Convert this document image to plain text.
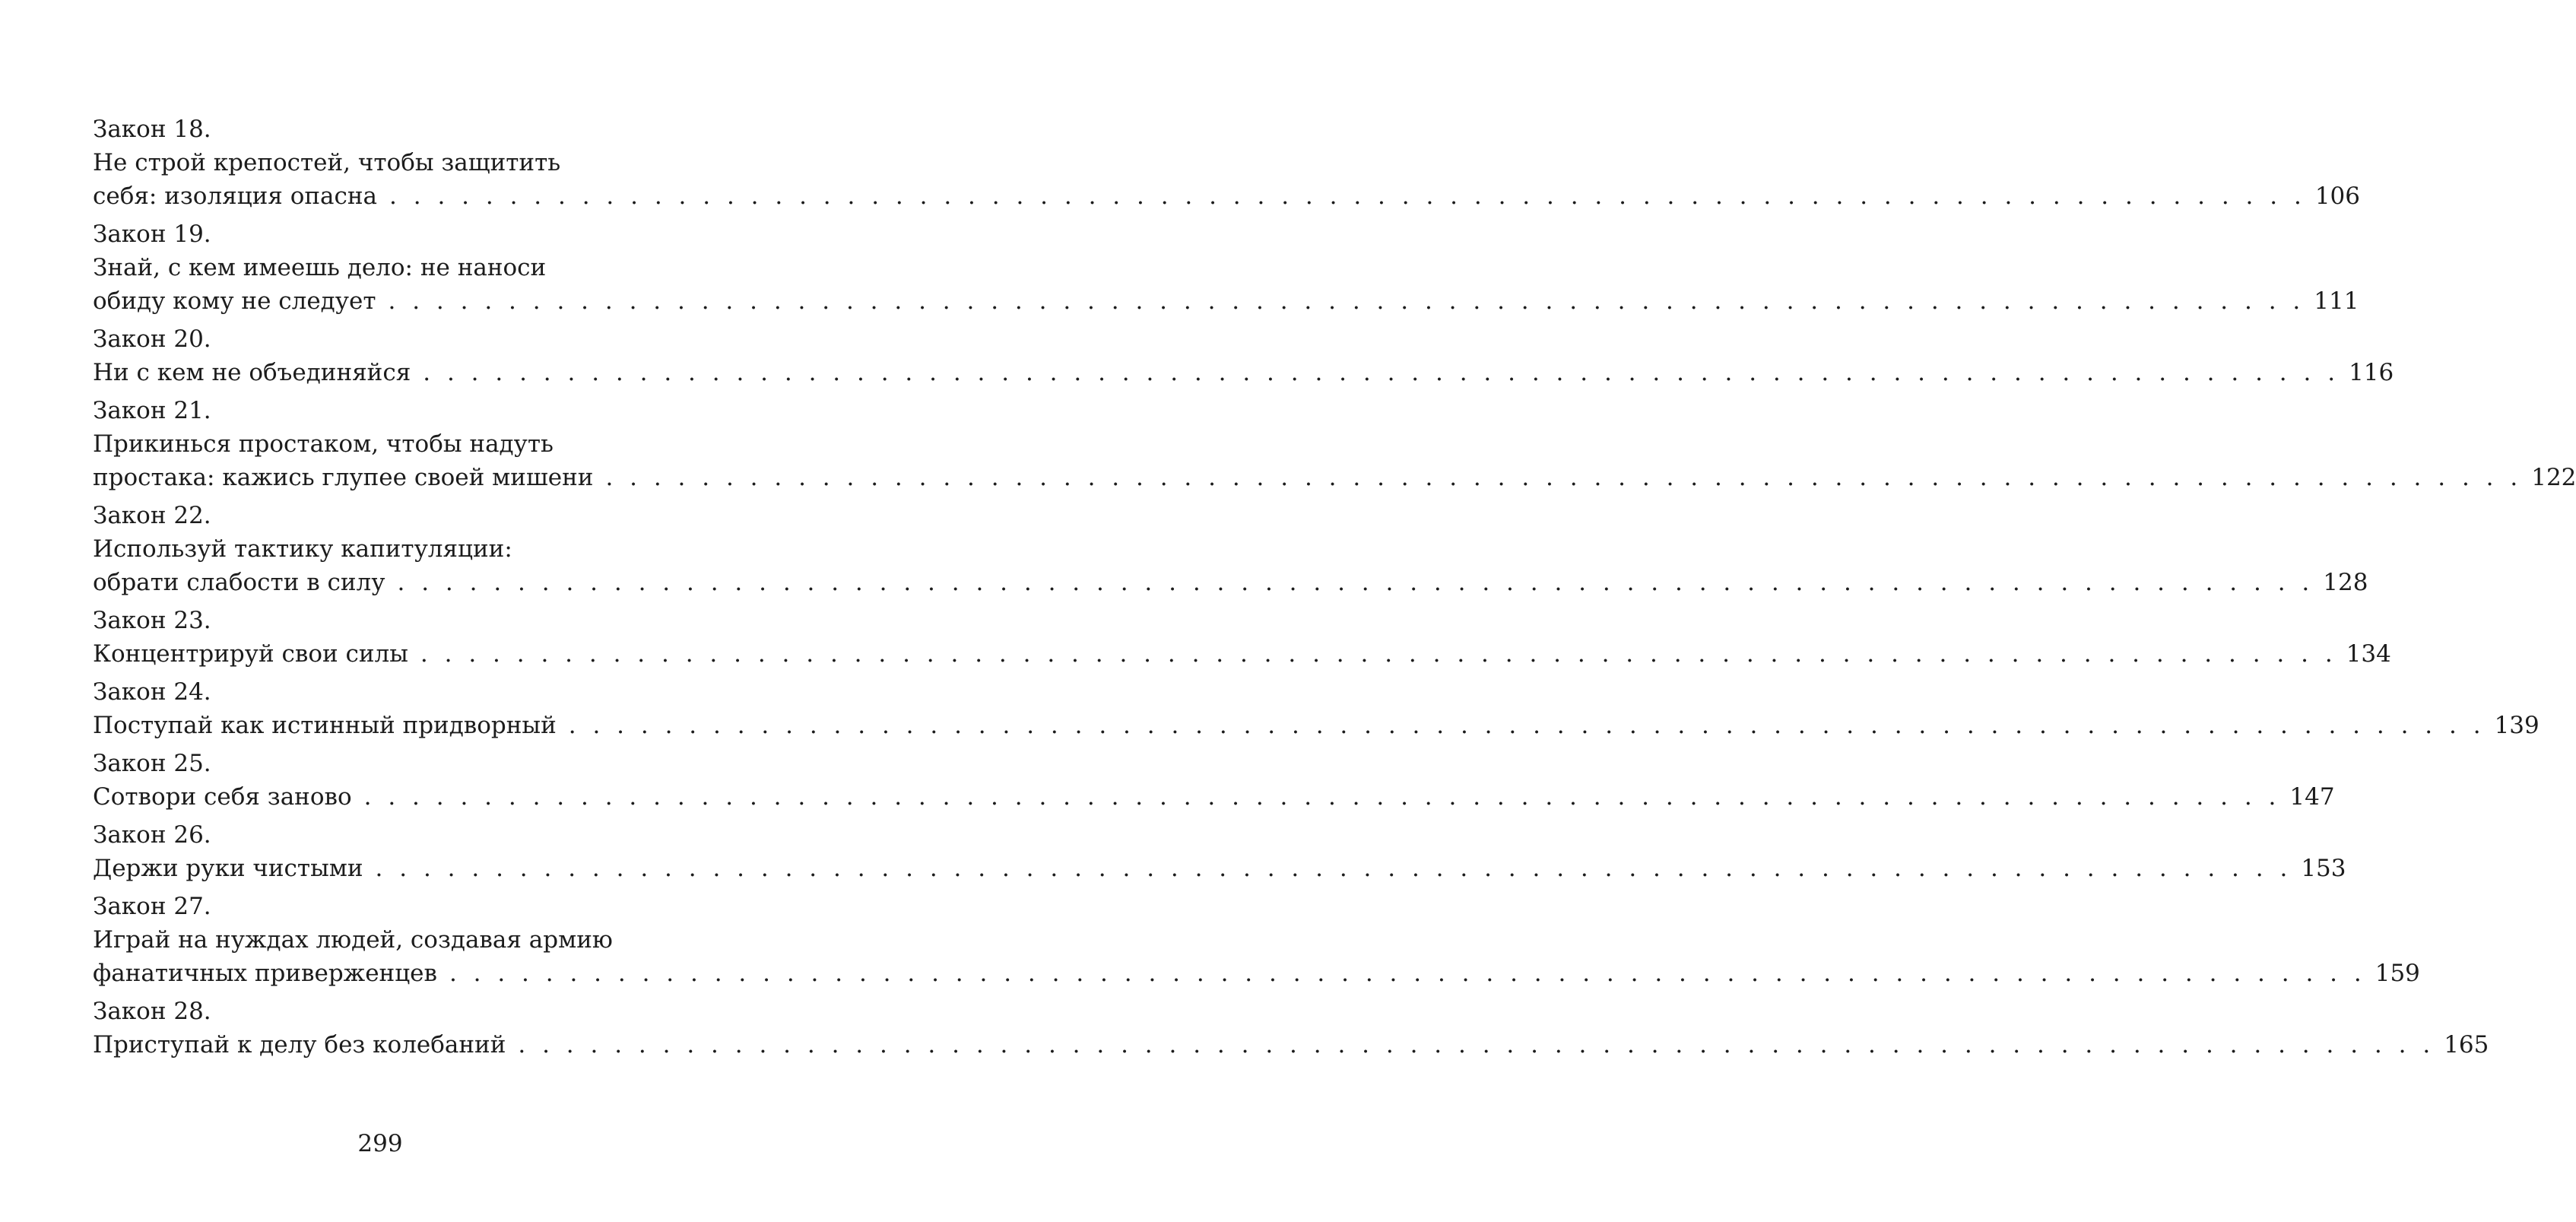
Закон 18.
Не строй крепостей, чтобы защитить
себя: изоляция опасна . . . . . . . . . . . . . . . . . . . . . . . . . . . . . . . . . . . . . . . . . . . . . . . . . . . . . . . . . . . . . . . . . . . . . . . . . . . . . . . . 106
Закон 19.
Знай, с кем имеешь дело: не наноси
обиду кому не следует . . . . . . . . . . . . . . . . . . . . . . . . . . . . . . . . . . . . . . . . . . . . . . . . . . . . . . . . . . . . . . . . . . . . . . . . . . . . . . . . 111
Закон 20.
Ни с кем не объединяйся . . . . . . . . . . . . . . . . . . . . . . . . . . . . . . . . . . . . . . . . . . . . . . . . . . . . . . . . . . . . . . . . . . . . . . . . . . . . . . . . 116
Закон 21.
Прикинься простаком, чтобы надуть
простака: кажись глупее своей мишени . . . . . . . . . . . . . . . . . . . . . . . . . . . . . . . . . . . . . . . . . . . . . . . . . . . . . . . . . . . . . . . . . . . . . . . . . . . . . . . . 122
Закон 22.
Используй тактику капитуляции:
обрати слабости в силу . . . . . . . . . . . . . . . . . . . . . . . . . . . . . . . . . . . . . . . . . . . . . . . . . . . . . . . . . . . . . . . . . . . . . . . . . . . . . . . . 128
Закон 23.
Концентрируй свои силы . . . . . . . . . . . . . . . . . . . . . . . . . . . . . . . . . . . . . . . . . . . . . . . . . . . . . . . . . . . . . . . . . . . . . . . . . . . . . . . . 134
Закон 24.
Поступай как истинный придворный . . . . . . . . . . . . . . . . . . . . . . . . . . . . . . . . . . . . . . . . . . . . . . . . . . . . . . . . . . . . . . . . . . . . . . . . . . . . . . . . 139
Закон 25.
Сотвори себя заново . . . . . . . . . . . . . . . . . . . . . . . . . . . . . . . . . . . . . . . . . . . . . . . . . . . . . . . . . . . . . . . . . . . . . . . . . . . . . . . . 147
Закон 26.
Держи руки чистыми . . . . . . . . . . . . . . . . . . . . . . . . . . . . . . . . . . . . . . . . . . . . . . . . . . . . . . . . . . . . . . . . . . . . . . . . . . . . . . . . 153
Закон 27.
Играй на нуждах людей, создавая армию
фанатичных приверженцев . . . . . . . . . . . . . . . . . . . . . . . . . . . . . . . . . . . . . . . . . . . . . . . . . . . . . . . . . . . . . . . . . . . . . . . . . . . . . . . . 159
Закон 28.
Приступай к делу без колебаний . . . . . . . . . . . . . . . . . . . . . . . . . . . . . . . . . . . . . . . . . . . . . . . . . . . . . . . . . . . . . . . . . . . . . . . . . . . . . . . . 165
299
